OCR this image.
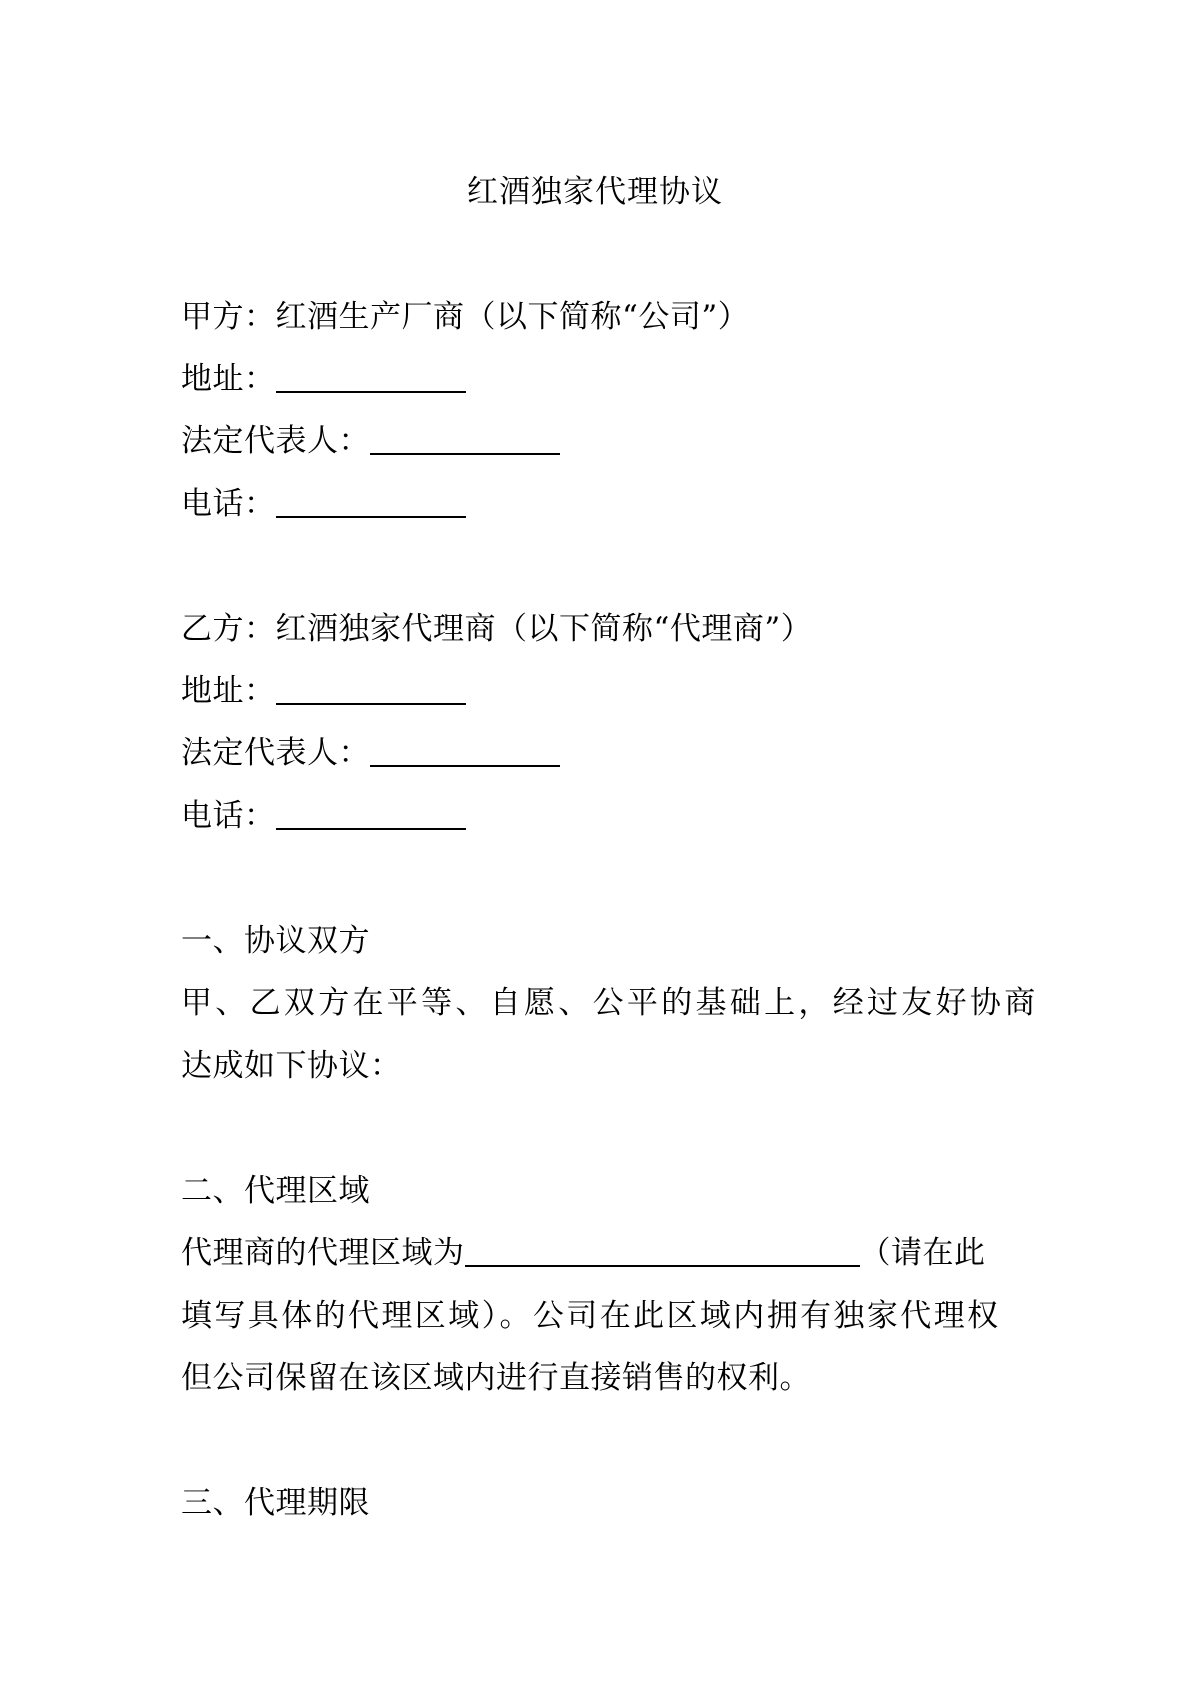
红酒独家代理协议
甲方：红酒生产厂商（以下简称“公司”）
地址：
法定代表人：
电话：
乙方：红酒独家代理商（以下简称“代理商”）
地址：
法定代表人：
电话：
一、协议双方
甲、乙双方在平等、自愿、公平的基础上，经过友好协商
达成如下协议：
二、代理区域
代理商的代理区域为	（请在此
填写具体的代理区域）。公司在此区域内拥有独家代理权
但公司保留在该区域内进行直接销售的权利。
三、代理期限
